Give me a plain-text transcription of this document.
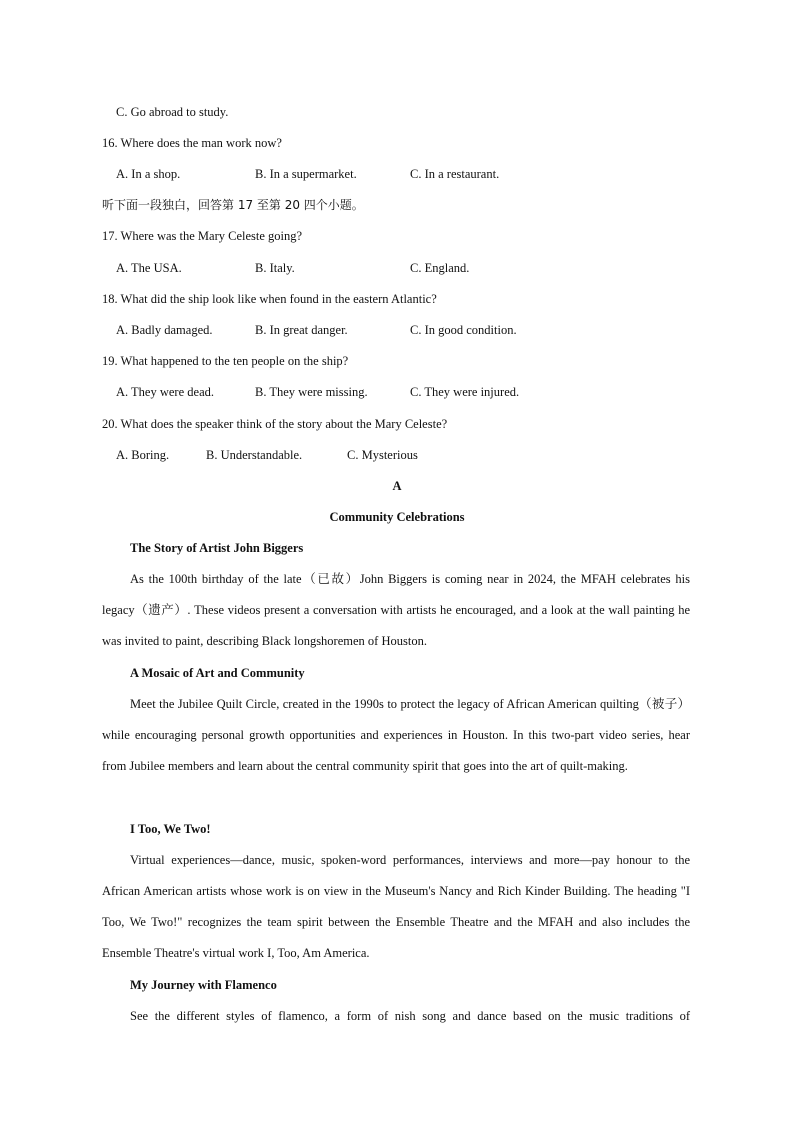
C. Go abroad to study.
16. Where does the man work now?
A. In a shop.	B. In a supermarket.	C. In a restaurant.
听下面一段独白，回答第 17 至第 20 四个小题。
17. Where was the Mary Celeste going?
A. The USA.	B. Italy.	C. England.
18. What did the ship look like when found in the eastern Atlantic?
A. Badly damaged.	B. In great danger.	C. In good condition.
19. What happened to the ten people on the ship?
A. They were dead.	B. They were missing.	C. They were injured.
20. What does the speaker think of the story about the Mary Celeste?
A. Boring.	B. Understandable.	C. Mysterious
A
Community Celebrations
The Story of Artist John Biggers
As the 100th birthday of the late（已故）John Biggers is coming near in 2024, the MFAH celebrates his legacy（遗产）. These videos present a conversation with artists he encouraged, and a look at the wall painting he was invited to paint, describing Black longshoremen of Houston.
A Mosaic of Art and Community
Meet the Jubilee Quilt Circle, created in the 1990s to protect the legacy of African American quilting（被子）while encouraging personal growth opportunities and experiences in Houston. In this two-part video series, hear from Jubilee members and learn about the central community spirit that goes into the art of quilt-making.
I Too, We Two!
Virtual experiences—dance, music, spoken-word performances, interviews and more—pay honour to the African American artists whose work is on view in the Museum's Nancy and Rich Kinder Building. The heading "I Too, We Two!" recognizes the team spirit between the Ensemble Theatre and the MFAH and also includes the Ensemble Theatre's virtual work I, Too, Am America.
My Journey with Flamenco
See the different styles of flamenco, a form of nish song and dance based on the music traditions of
